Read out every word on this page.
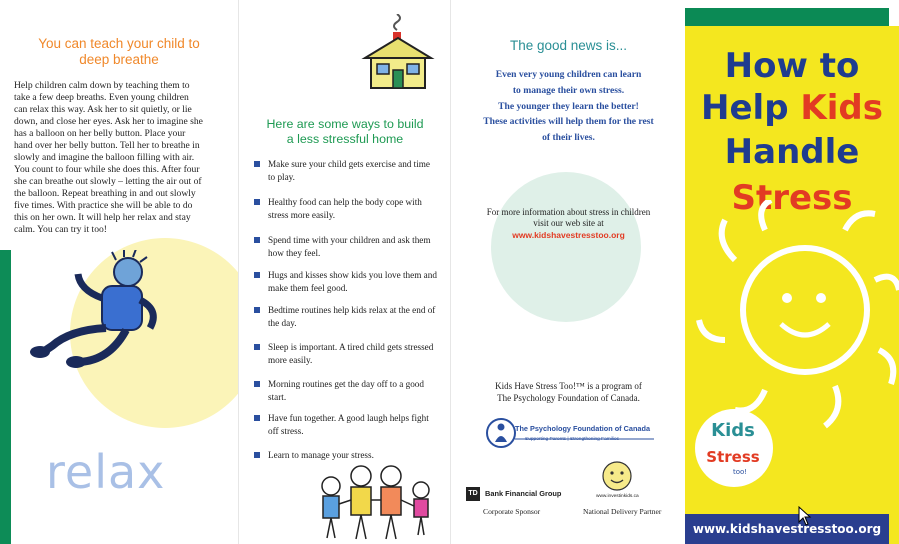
You can teach your child to
deep breathe
Help children calm down by teaching them to
take a few deep breaths. Even young children
can relax this way. Ask her to sit quietly, or lie
down, and close her eyes. Ask her to imagine she
has a balloon on her belly button. Place your
hand over her belly button. Tell her to breathe in
slowly and imagine the balloon filling with air.
You count to four while she does this. After four
she can breathe out slowly – letting the air out of
the balloon. Repeat breathing in and out slowly
five times. With practice she will be able to do
this on her own. It will help her relax and stay
calm. You can try it too!
relax
Here are some ways to build
a less stressful home
Make sure your child gets exercise and time
to play.
Healthy food can help the body cope with
stress more easily.
Spend time with your children and ask them
how they feel.
Hugs and kisses show kids you love them and
make them feel good.
Bedtime routines help kids relax at the end of
the day.
Sleep is important. A tired child gets stressed
more easily.
Morning routines get the day off to a good
start.
Have fun together. A good laugh helps fight
off stress.
Learn to manage your stress.
The good news is...
Even very young children can learn
to manage their own stress.
The younger they learn the better!
These activities will help them for the rest
of their lives.
For more information about stress in children
visit our web site at
www.kidshavestresstoo.org
Kids Have Stress Too!™ is a program of
The Psychology Foundation of Canada.
The Psychology Foundation of Canada
Supporting Parents | Strengthening Families
TD Bank Financial Group
Corporate Sponsor
www.investinkids.ca
National Delivery Partner
How to
Help Kids
Handle
Stress
Kids
Stress
too!
www.kidshavestresstoo.org
